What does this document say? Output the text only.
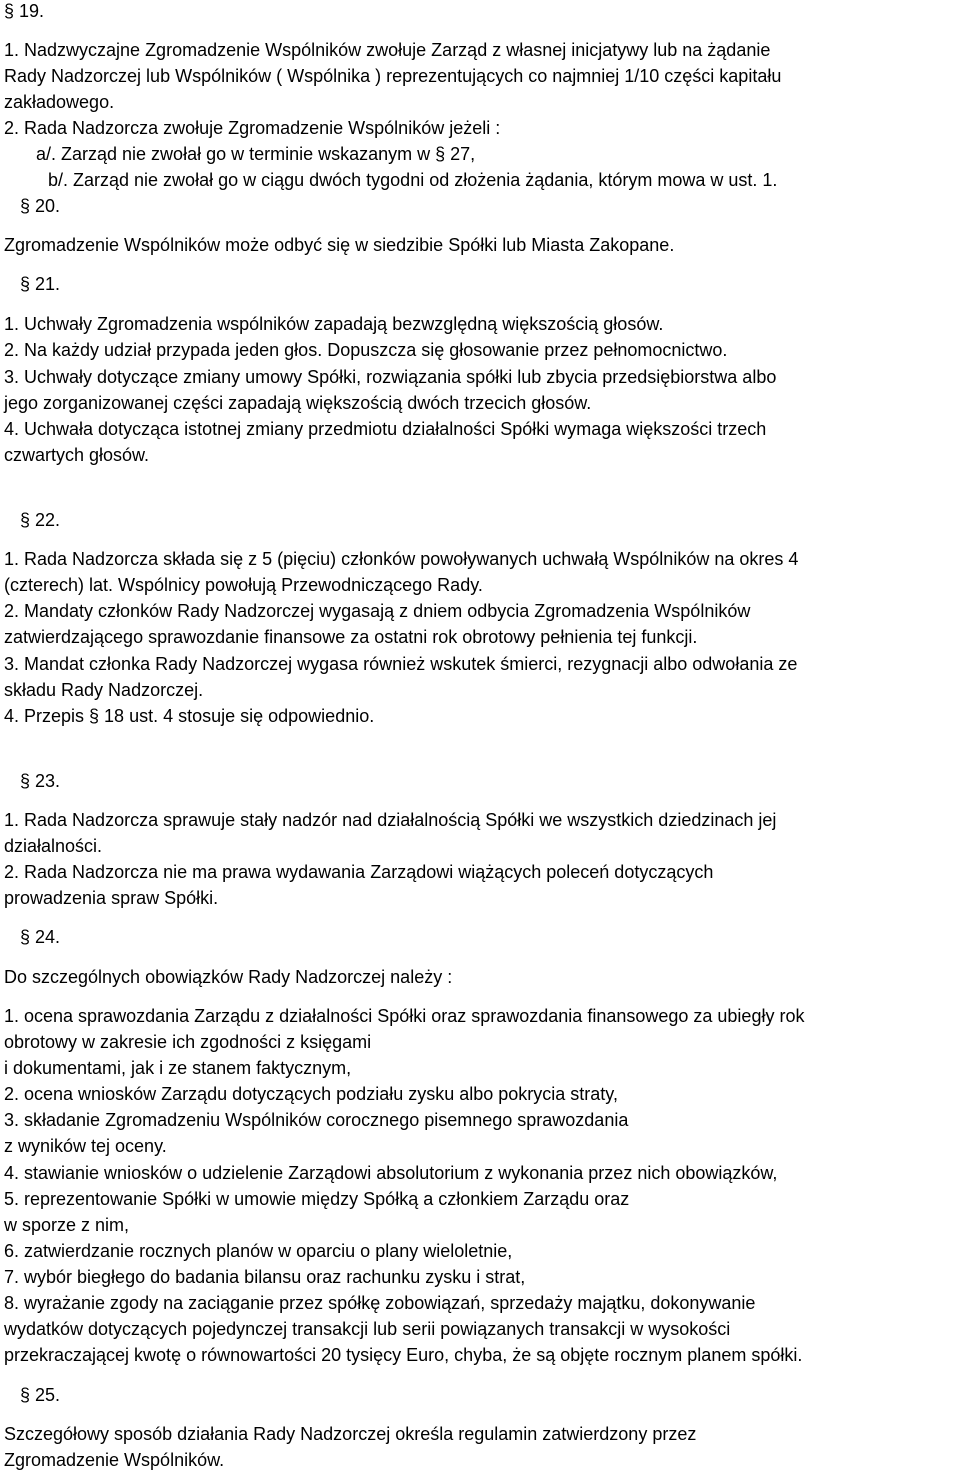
§ 19.
1. Nadzwyczajne Zgromadzenie Wspólników zwołuje Zarząd z własnej inicjatywy lub na żądanie
Rady Nadzorczej lub Wspólników ( Wspólnika ) reprezentujących co najmniej 1/10 części kapitału
zakładowego.
2. Rada Nadzorcza zwołuje Zgromadzenie Wspólników jeżeli :
a/. Zarząd nie zwołał go w terminie wskazanym w § 27,
b/. Zarząd nie zwołał go w ciągu dwóch tygodni od złożenia żądania, którym mowa w ust. 1.
§ 20.
Zgromadzenie Wspólników może odbyć się w siedzibie Spółki lub Miasta Zakopane.
§ 21.
1. Uchwały Zgromadzenia wspólników zapadają bezwzględną większością głosów.
2. Na każdy udział przypada jeden głos. Dopuszcza się głosowanie przez pełnomocnictwo.
3. Uchwały dotyczące zmiany umowy Spółki, rozwiązania spółki lub zbycia przedsiębiorstwa albo
jego zorganizowanej części zapadają większością dwóch trzecich głosów.
4. Uchwała dotycząca istotnej zmiany przedmiotu działalności Spółki wymaga większości trzech
czwartych głosów.
§ 22.
1. Rada Nadzorcza składa się z 5 (pięciu) członków powoływanych uchwałą Wspólników na okres 4
(czterech) lat. Wspólnicy powołują Przewodniczącego Rady.
2. Mandaty członków Rady Nadzorczej wygasają z dniem odbycia Zgromadzenia Wspólników
zatwierdzającego sprawozdanie finansowe za ostatni rok obrotowy pełnienia tej funkcji.
3. Mandat członka Rady Nadzorczej wygasa również wskutek śmierci, rezygnacji albo odwołania ze
składu Rady Nadzorczej.
4. Przepis § 18 ust. 4 stosuje się odpowiednio.
§ 23.
1. Rada Nadzorcza sprawuje stały nadzór nad działalnością Spółki we wszystkich dziedzinach jej
działalności.
2. Rada Nadzorcza nie ma prawa wydawania Zarządowi wiążących poleceń dotyczących
prowadzenia spraw Spółki.
§ 24.
Do szczególnych obowiązków Rady Nadzorczej należy :
1. ocena sprawozdania Zarządu z działalności Spółki oraz sprawozdania finansowego za ubiegły rok
obrotowy w zakresie ich zgodności z księgami
i dokumentami, jak i ze stanem faktycznym,
2. ocena wniosków Zarządu dotyczących podziału zysku albo pokrycia straty,
3. składanie Zgromadzeniu Wspólników corocznego pisemnego sprawozdania
z wyników tej oceny.
4. stawianie wniosków o udzielenie Zarządowi absolutorium z wykonania przez nich obowiązków,
5. reprezentowanie Spółki w umowie między Spółką a członkiem Zarządu oraz
w sporze z nim,
6. zatwierdzanie rocznych planów w oparciu o plany wieloletnie,
7. wybór biegłego do badania bilansu oraz rachunku zysku i strat,
8. wyrażanie zgody na zaciąganie przez spółkę zobowiązań, sprzedaży majątku, dokonywanie
wydatków dotyczących pojedynczej transakcji lub serii powiązanych transakcji w wysokości
przekraczającej kwotę o równowartości 20 tysięcy Euro, chyba, że są objęte rocznym planem spółki.
§ 25.
Szczegółowy sposób działania Rady Nadzorczej określa regulamin zatwierdzony przez
Zgromadzenie Wspólników.
